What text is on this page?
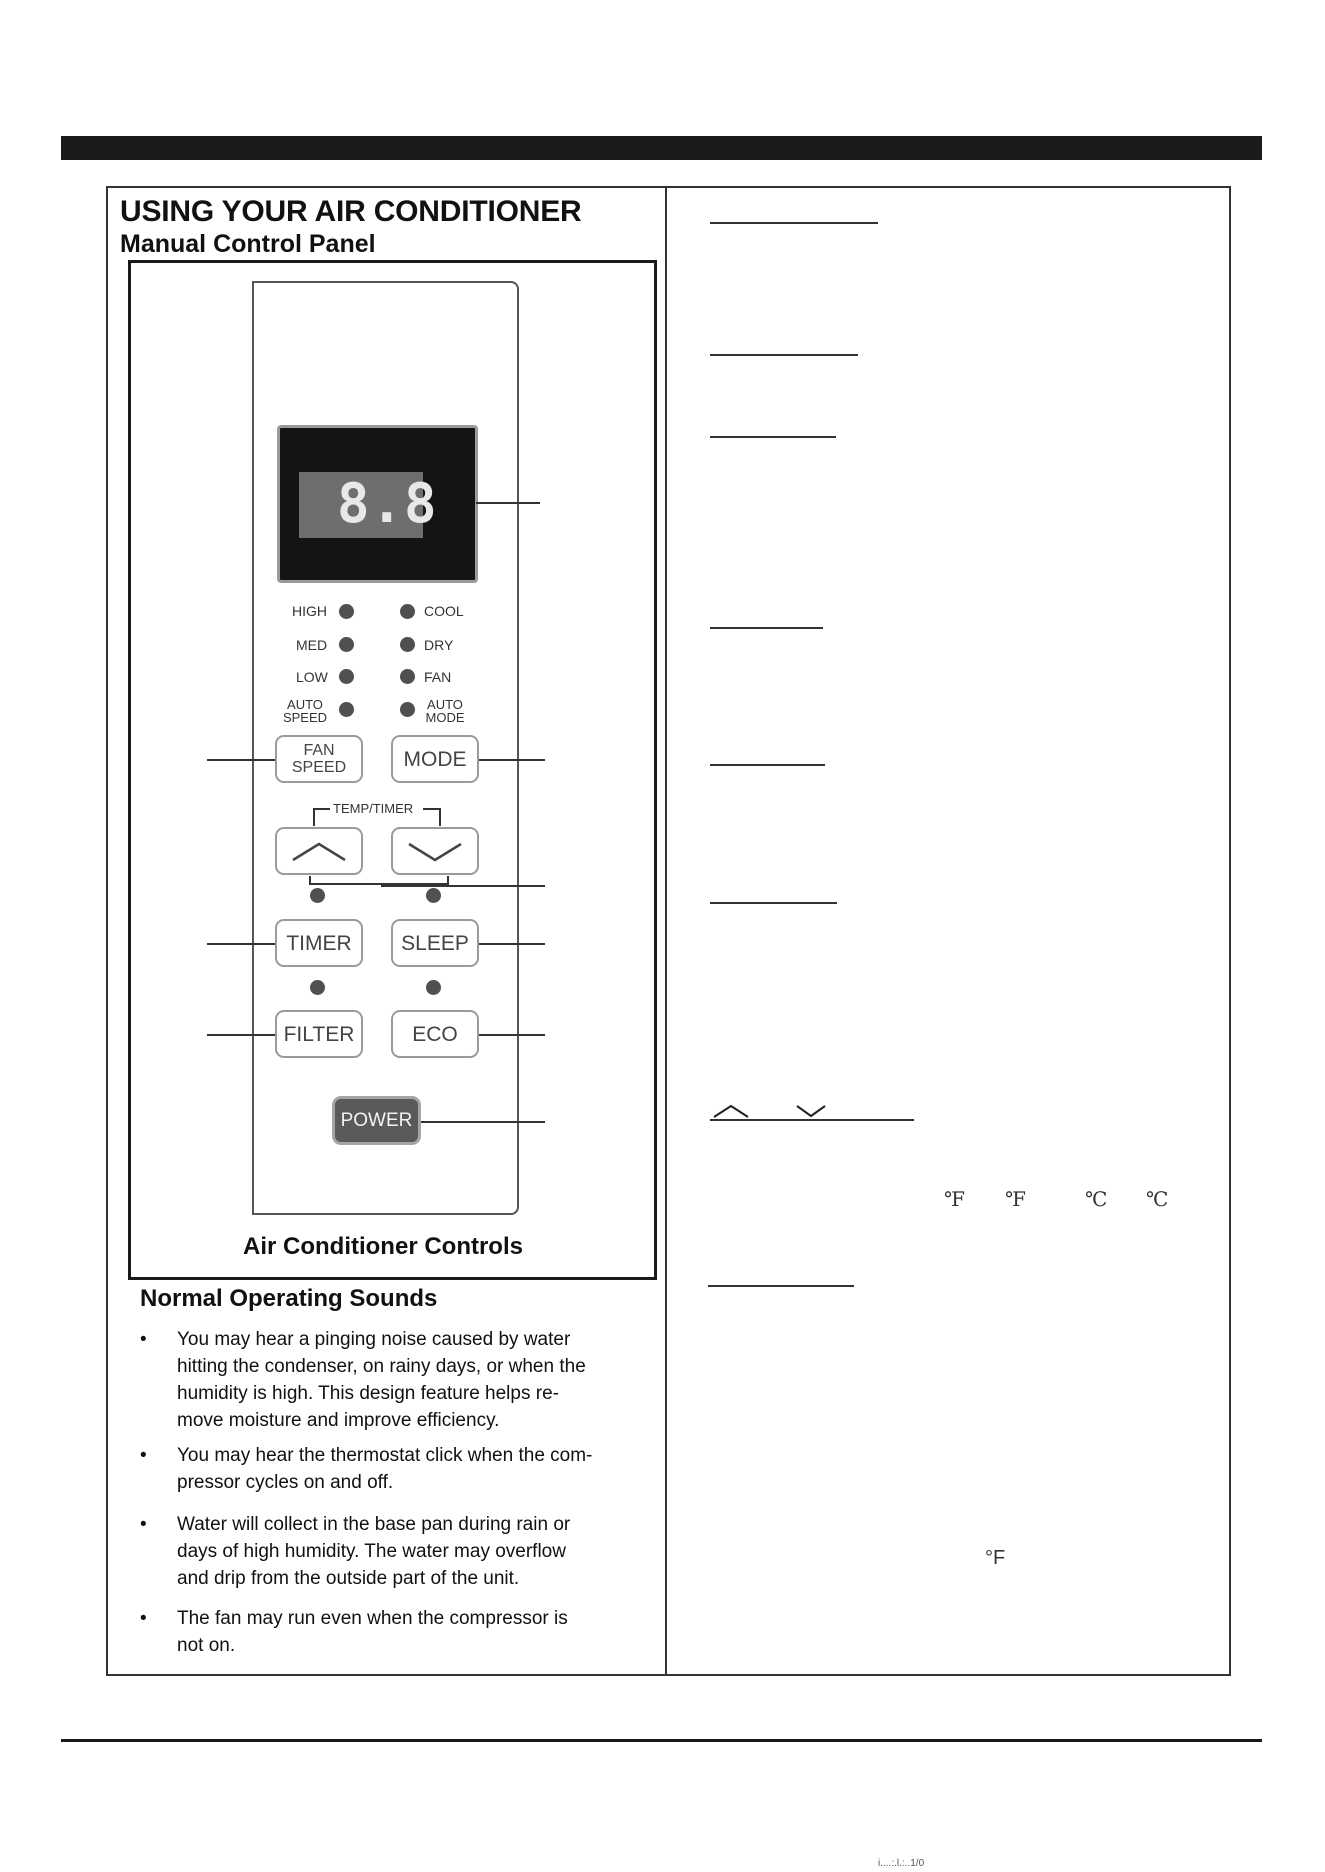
USING YOUR AIR CONDITIONER
Manual Control Panel
8.8
HIGH
MED
LOW
AUTO
SPEED
COOL
DRY
FAN
AUTO
MODE
FAN
SPEED	MODE
TEMP/TIMER
TIMER	SLEEP
FILTER	ECO
POWER
Air Conditioner Controls
Normal Operating Sounds
• You may hear a pinging noise caused by water
hitting the condenser, on rainy days, or when the
humidity is high. This design feature helps re-
move moisture and improve efficiency.
• You may hear the thermostat click when the com-
pressor cycles on and off.
• Water will collect in the base pan during rain or
days of high humidity. The water may overflow
and drip from the outside part of the unit.
• The fan may run even when the compressor is
not on.
℉ ℉	℃ ℃
°F
i....:.l.:..1/0
